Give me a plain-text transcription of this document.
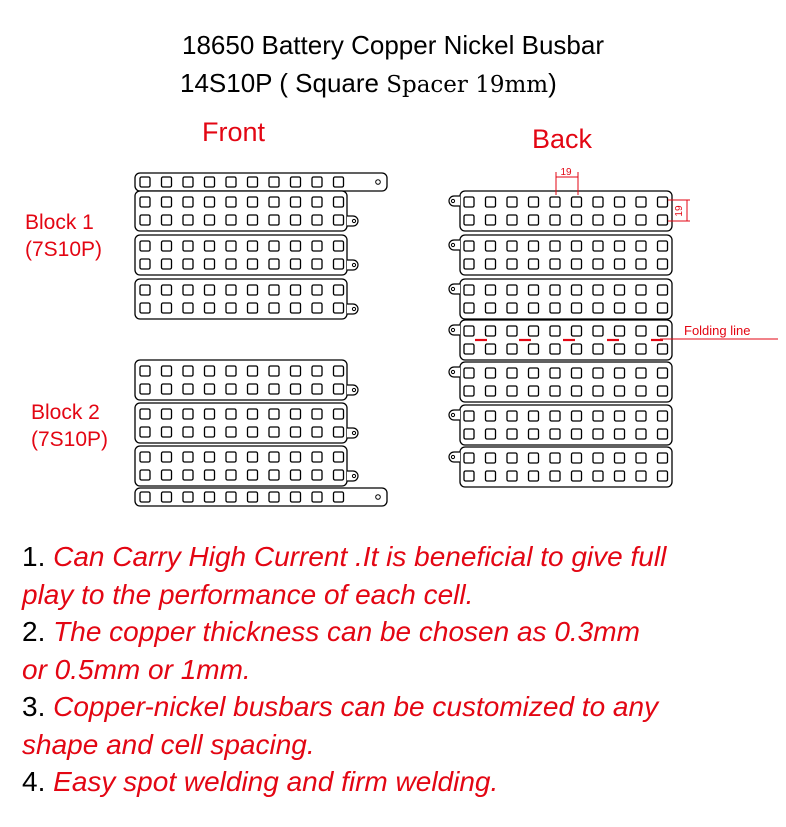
18650 Battery Copper Nickel Busbar
14S10P ( Square Spacer 19mm)
Front	Back
Block 1
(7S10P)
Block 2
(7S10P)
19
19
Folding line

1. Can Carry High Current .It is beneficial to give full
play to the performance of each cell.

2. The copper thickness can be chosen as 0.3mm
or 0.5mm or 1mm.

3. Copper-nickel busbars can be customized to any
shape and cell spacing.

4. Easy spot welding and firm welding.
